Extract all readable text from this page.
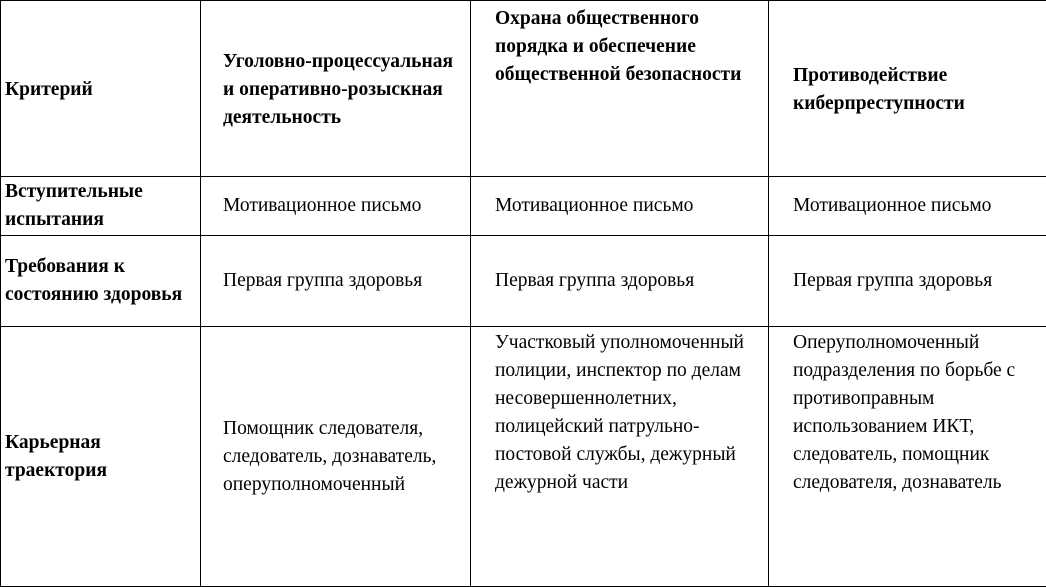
Критерий	Уголовно-процессуальная и оперативно-розыскная деятельность	Охрана общественного порядка и обеспечение общественной безопасности	Противодействие киберпреступности
Вступительные испытания	Мотивационное письмо	Мотивационное письмо	Мотивационное письмо
Требования к состоянию здоровья	Первая группа здоровья	Первая группа здоровья	Первая группа здоровья
Карьерная траектория	Помощник следователя, следователь, дознаватель, оперуполномоченный	Участковый уполномоченный полиции, инспектор по делам несовершеннолетних, полицейский патрульно-постовой службы, дежурный дежурной части	Оперуполномоченный подразделения по борьбе с противоправным использованием ИКТ, следователь, помощник следователя, дознаватель
